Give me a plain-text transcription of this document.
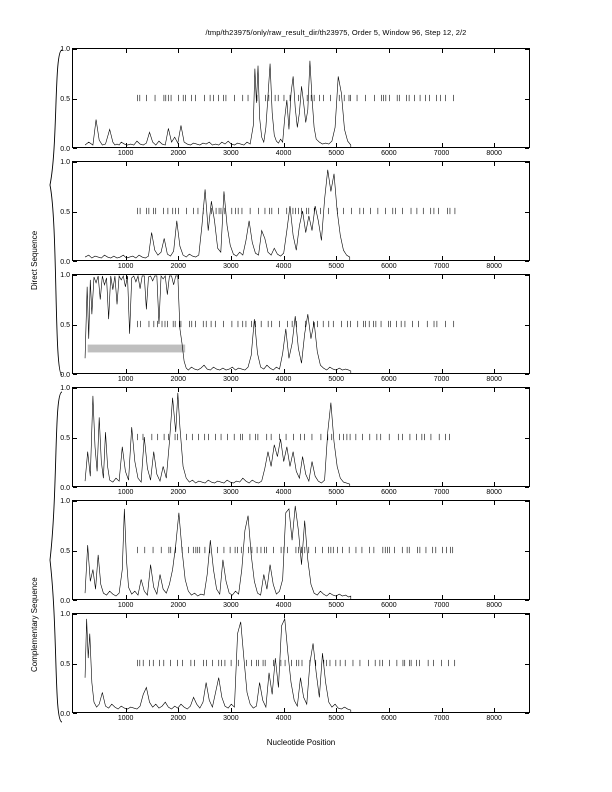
/tmp/th23975/only/raw_result_dir/th23975, Order 5, Window 96, Step 12, 2/2
0.0
0.5
1.0
1000	2000	3000	4000	5000	6000	7000	8000
0.0
0.5
1.0
1000	2000	3000	4000	5000	6000	7000	8000
0.0
0.5
1.0
1000	2000	3000	4000	5000	6000	7000	8000
0.0
0.5
1.0
1000	2000	3000	4000	5000	6000	7000	8000
0.0
0.5
1.0
1000	2000	3000	4000	5000	6000	7000	8000
0.0
0.5
1.0
1000	2000	3000	4000	5000	6000	7000	8000
Nucleotide Position
Direct Sequence
Complementary Sequence
